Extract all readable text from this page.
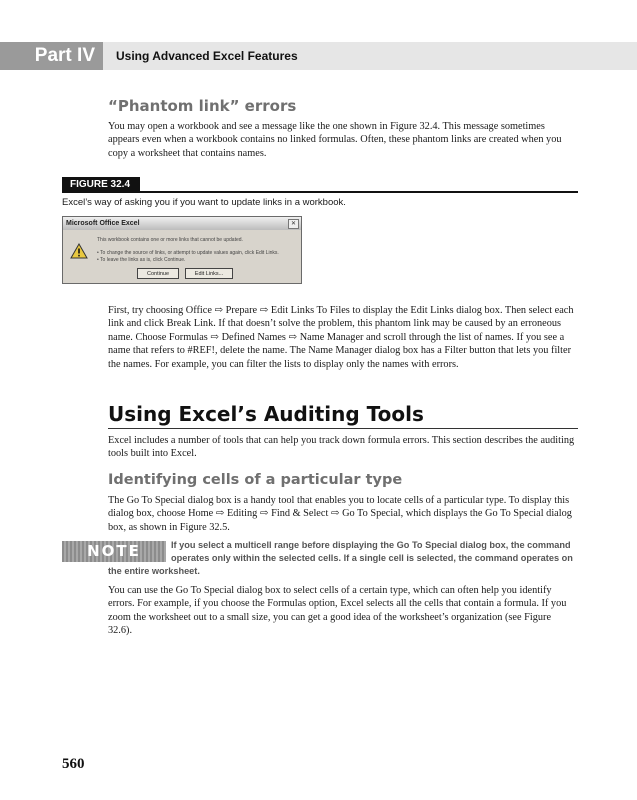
Part IV	Using Advanced Excel Features
“Phantom link” errors

You may open a workbook and see a message like the one shown in Figure 32.4. This message sometimes appears even when a workbook contains no linked formulas. Often, these phantom links are created when you copy a worksheet that contains names.

FIGURE 32.4
Excel’s way of asking you if you want to update links in a workbook.
Microsoft Office Excel	✕
This workbook contains one or more links that cannot be updated.
• To change the source of links, or attempt to update values again, click Edit Links.
• To leave the links as is, click Continue.
Continue	Edit Links...

First, try choosing Office ⇨ Prepare ⇨ Edit Links To Files to display the Edit Links dialog box. Then select each link and click Break Link. If that doesn’t solve the problem, this phantom link may be caused by an erroneous name. Choose Formulas ⇨ Defined Names ⇨ Name Manager and scroll through the list of names. If you see a name that refers to #REF!, delete the name. The Name Manager dialog box has a Filter button that lets you filter the names. For example, you can filter the lists to display only the names with errors.

Using Excel’s Auditing Tools

Excel includes a number of tools that can help you track down formula errors. This section describes the auditing tools built into Excel.

Identifying cells of a particular type

The Go To Special dialog box is a handy tool that enables you to locate cells of a particular type. To display this dialog box, choose Home ⇨ Editing ⇨ Find & Select ⇨ Go To Special, which displays the Go To Special dialog box, as shown in Figure 32.5.

NOTE	If you select a multicell range before displaying the Go To Special dialog box, the command
operates only within the selected cells. If a single cell is selected, the command operates on
the entire worksheet.

You can use the Go To Special dialog box to select cells of a certain type, which can often help you identify errors. For example, if you choose the Formulas option, Excel selects all the cells that contain a formula. If you zoom the worksheet out to a small size, you can get a good idea of the worksheet’s organization (see Figure 32.6).

560
